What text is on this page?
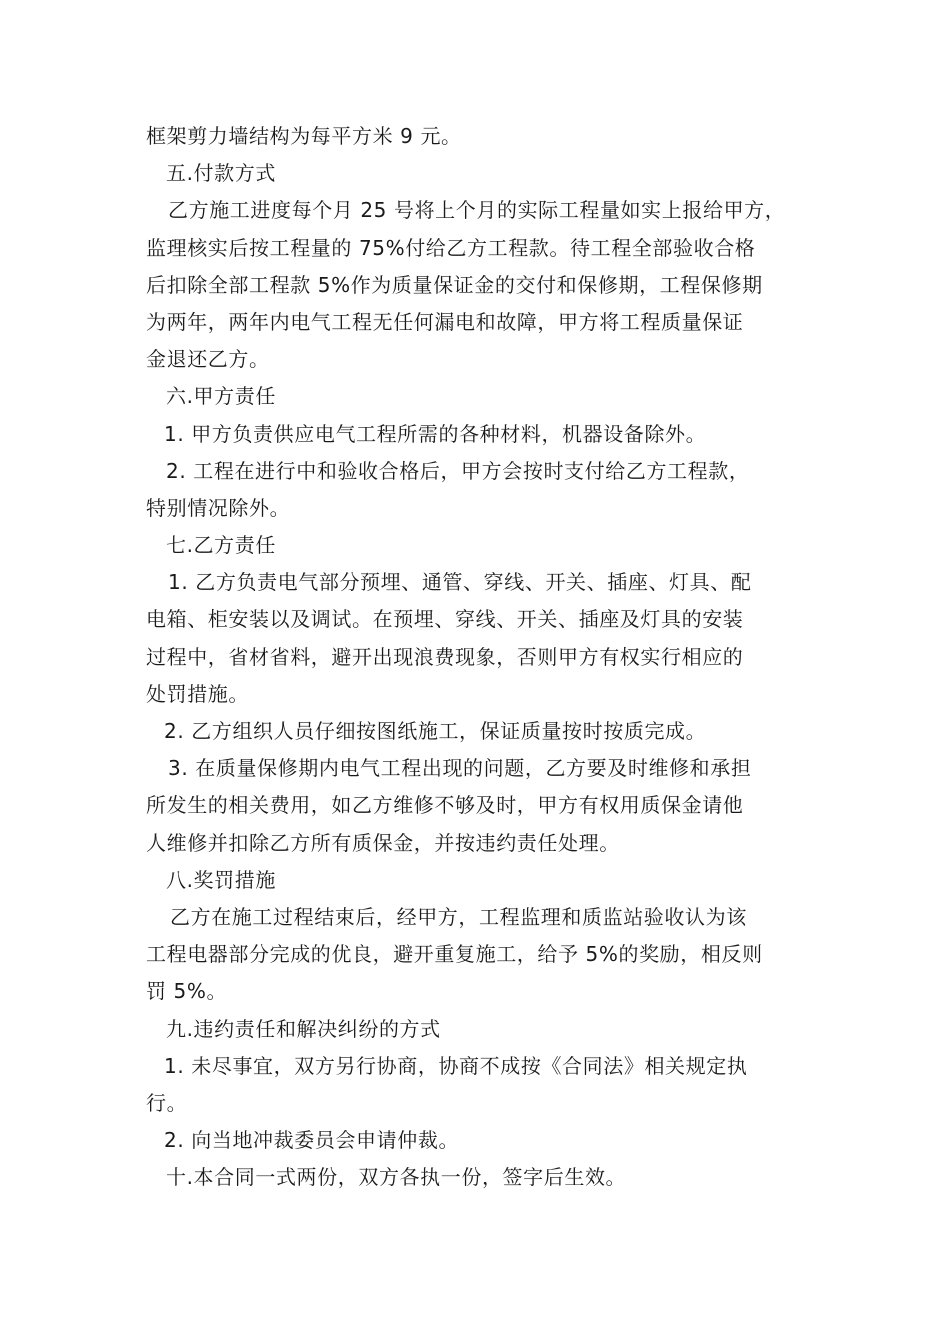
框架剪力墙结构为每平方米 9 元。
五.付款方式
乙方施工进度每个月 25 号将上个月的实际工程量如实上报给甲方，
监理核实后按工程量的 75%付给乙方工程款。待工程全部验收合格
后扣除全部工程款 5%作为质量保证金的交付和保修期，工程保修期
为两年，两年内电气工程无任何漏电和故障，甲方将工程质量保证
金退还乙方。
六.甲方责任
1. 甲方负责供应电气工程所需的各种材料，机器设备除外。
2. 工程在进行中和验收合格后，甲方会按时支付给乙方工程款，
特别情况除外。
七.乙方责任
1. 乙方负责电气部分预埋、通管、穿线、开关、插座、灯具、配
电箱、柜安装以及调试。在预埋、穿线、开关、插座及灯具的安装
过程中，省材省料，避开出现浪费现象，否则甲方有权实行相应的
处罚措施。
2. 乙方组织人员仔细按图纸施工，保证质量按时按质完成。
3. 在质量保修期内电气工程出现的问题，乙方要及时维修和承担
所发生的相关费用，如乙方维修不够及时，甲方有权用质保金请他
人维修并扣除乙方所有质保金，并按违约责任处理。
八.奖罚措施
乙方在施工过程结束后，经甲方，工程监理和质监站验收认为该
工程电器部分完成的优良，避开重复施工，给予 5%的奖励，相反则
罚 5%。
九.违约责任和解决纠纷的方式
1. 未尽事宜，双方另行协商，协商不成按《合同法》相关规定执
行。
2. 向当地冲裁委员会申请仲裁。
十.本合同一式两份，双方各执一份，签字后生效。
